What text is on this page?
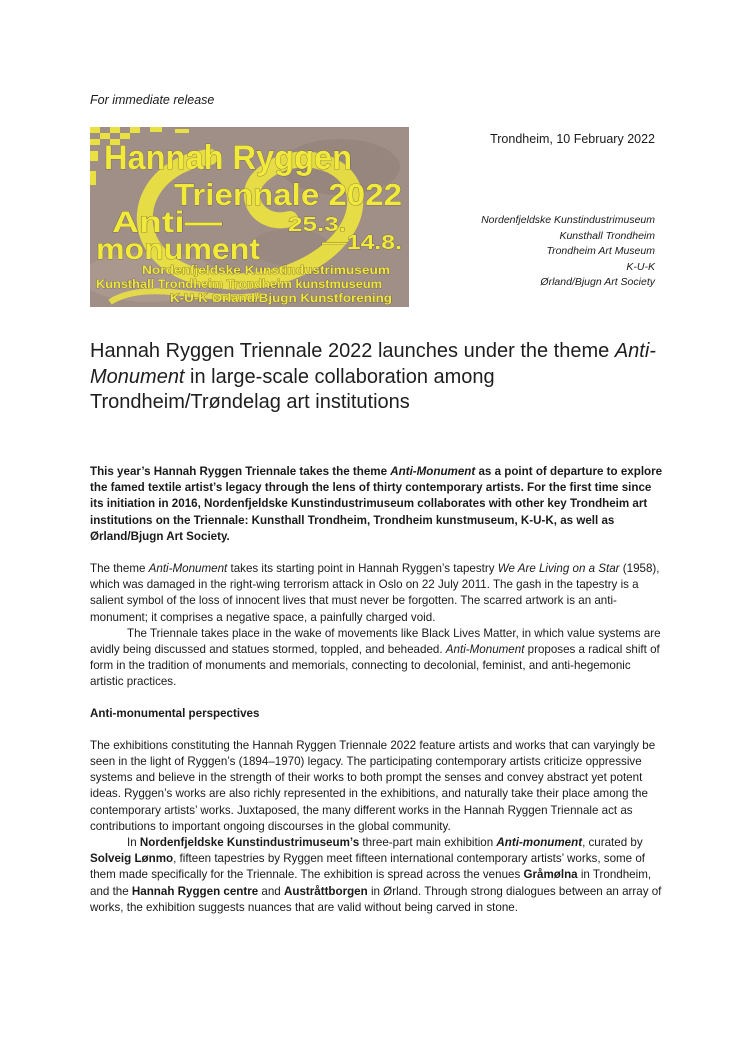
For immediate release
Hannah Ryggen
Triennale 2022
Anti—
monument
25.3.
—14.8.
Nordenfjeldske Kunstindustrimuseum
Kunsthall Trondheim Trondheim kunstmuseum
K-U-K Ørland/Bjugn Kunstforening
Trondheim, 10 February 2022
Nordenfjeldske Kunstindustrimuseum
Kunsthall Trondheim
Trondheim Art Museum
K-U-K
Ørland/Bjugn Art Society
Hannah Ryggen Triennale 2022 launches under the theme Anti-Monument in large-scale collaboration among Trondheim/Trøndelag art institutions

This year’s Hannah Ryggen Triennale takes the theme Anti-Monument as a point of departure to explore the famed textile artist’s legacy through the lens of thirty contemporary artists. For the first time since its initiation in 2016, Nordenfjeldske Kunstindustrimuseum collaborates with other key Trondheim art institutions on the Triennale: Kunsthall Trondheim, Trondheim kunstmuseum, K-U-K, as well as Ørland/Bjugn Art Society.

The theme Anti-Monument takes its starting point in Hannah Ryggen’s tapestry We Are Living on a Star (1958), which was damaged in the right-wing terrorism attack in Oslo on 22 July 2011. The gash in the tapestry is a salient symbol of the loss of innocent lives that must never be forgotten. The scarred artwork is an anti-monument; it comprises a negative space, a painfully charged void.

The Triennale takes place in the wake of movements like Black Lives Matter, in which value systems are avidly being discussed and statues stormed, toppled, and beheaded. Anti-Monument proposes a radical shift of form in the tradition of monuments and memorials, connecting to decolonial, feminist, and anti-hegemonic artistic practices.

Anti-monumental perspectives

The exhibitions constituting the Hannah Ryggen Triennale 2022 feature artists and works that can varyingly be seen in the light of Ryggen’s (1894–1970) legacy. The participating contemporary artists criticize oppressive systems and believe in the strength of their works to both prompt the senses and convey abstract yet potent ideas. Ryggen’s works are also richly represented in the exhibitions, and naturally take their place among the contemporary artists’ works. Juxtaposed, the many different works in the Hannah Ryggen Triennale act as contributions to important ongoing discourses in the global community.

In Nordenfjeldske Kunstindustrimuseum’s three-part main exhibition Anti-monument, curated by Solveig Lønmo, fifteen tapestries by Ryggen meet fifteen international contemporary artists’ works, some of them made specifically for the Triennale. The exhibition is spread across the venues Gråmølna in Trondheim, and the Hannah Ryggen centre and Austråttborgen in Ørland. Through strong dialogues between an array of works, the exhibition suggests nuances that are valid without being carved in stone.
